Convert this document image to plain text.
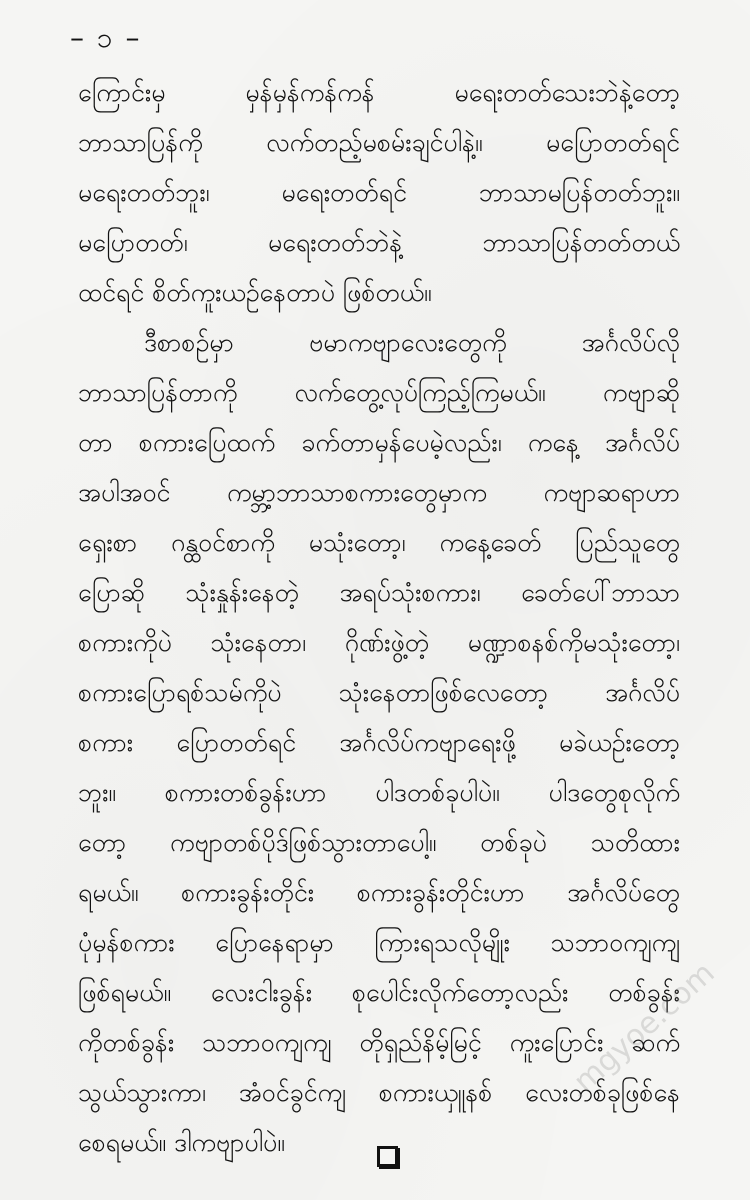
– ၁ –
ကြောင်းမှ မှန်မှန်ကန်ကန် မရေးတတ်သေးဘဲနဲ့တော့
ဘာသာပြန်ကို လက်တည့်မစမ်းချင်ပါနဲ့။ မပြောတတ်ရင်
မရေးတတ်ဘူး၊ မရေးတတ်ရင် ဘာသာမပြန်တတ်ဘူး။
မပြောတတ်၊ မရေးတတ်ဘဲနဲ့ ဘာသာပြန်တတ်တယ်
ထင်ရင် စိတ်ကူးယဉ်နေတာပဲ ဖြစ်တယ်။
ဒီစာစဉ်မှာ ဗမာကဗျာလေးတွေကို အင်္ဂလိပ်လို
ဘာသာပြန်တာကို လက်တွေ့လုပ်ကြည့်ကြမယ်။ ကဗျာဆို
တာ စကားပြေထက် ခက်တာမှန်ပေမဲ့လည်း၊ ကနေ့ အင်္ဂလိပ်
အပါအဝင် ကမ္ဘာ့ဘာသာစကားတွေမှာက ကဗျာဆရာဟာ
ရှေးစာ ဂန္ထဝင်စာကို မသုံးတော့၊ ကနေ့ခေတ် ပြည်သူတွေ
ပြောဆို သုံးနှုန်းနေတဲ့ အရပ်သုံးစကား၊ ခေတ်ပေါ်ဘာသာ
စကားကိုပဲ သုံးနေတာ၊ ဂိုဏ်းဖွဲ့တဲ့ မဏ္ဍာစနစ်ကိုမသုံးတော့၊
စကားပြောရစ်သမ်ကိုပဲ သုံးနေတာဖြစ်လေတော့ အင်္ဂလိပ်
စကား ပြောတတ်ရင် အင်္ဂလိပ်ကဗျာရေးဖို့ မခဲယဉ်းတော့
ဘူး။ စကားတစ်ခွန်းဟာ ပါဒတစ်ခုပါပဲ။ ပါဒတွေစုလိုက်
တော့ ကဗျာတစ်ပိုဒ်ဖြစ်သွားတာပေါ့။ တစ်ခုပဲ သတိထား
ရမယ်။ စကားခွန်းတိုင်း စကားခွန်းတိုင်းဟာ အင်္ဂလိပ်တွေ
ပုံမှန်စကား ပြောနေရာမှာ ကြားရသလိုမျိုး သဘာဝကျကျ
ဖြစ်ရမယ်။ လေးငါးခွန်း စုပေါင်းလိုက်တော့လည်း တစ်ခွန်း
ကိုတစ်ခွန်း သဘာဝကျကျ တိုရှည်နိမ့်မြင့် ကူးပြောင်း ဆက်
သွယ်သွားကာ၊ အံဝင်ခွင်ကျ စကားယှူနစ် လေးတစ်ခုဖြစ်နေ
စေရမယ်။ ဒါကဗျာပါပဲ။
.mgyoe.com
